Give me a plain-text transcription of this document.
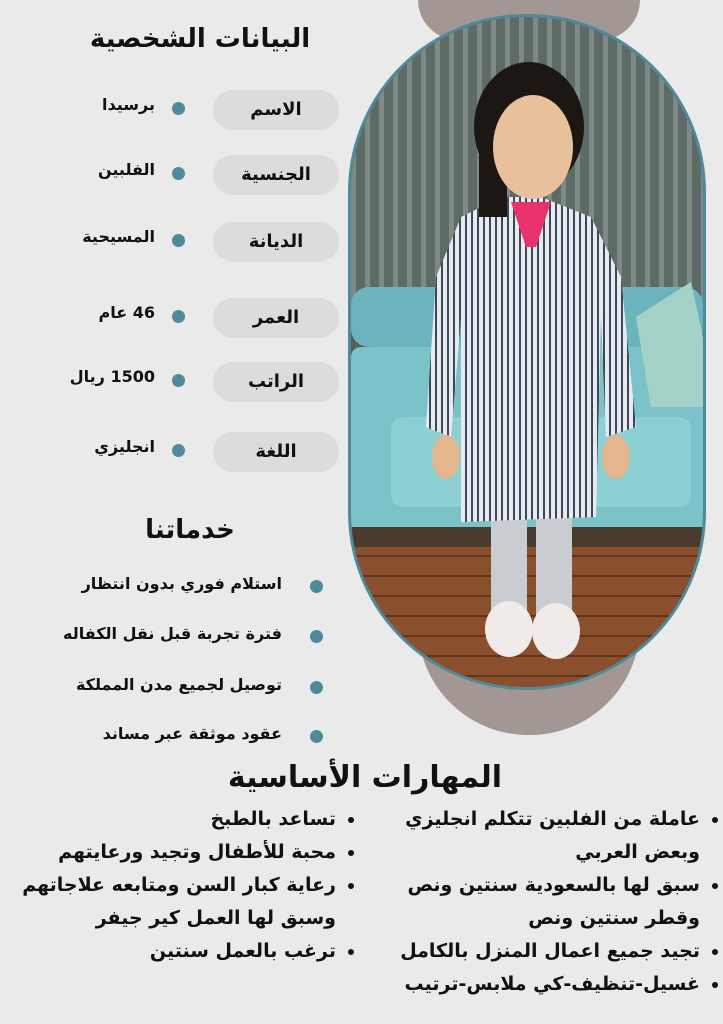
البيانات الشخصية
الاسم
برسيدا
الجنسية
الفلبين
الديانة
المسيحية
العمر
46 عام
الراتب
1500 ريال
اللغة
انجليزي
خدماتنا
استلام فوري بدون انتظار
فترة تجربة قبل نقل الكفاله
توصيل لجميع مدن المملكة
عقود موثقة عبر مساند
المهارات الأساسية
• عاملة من الفلبين تتكلم انجليزي وبعض العربي
• سبق لها بالسعودية سنتين ونص وقطر سنتين ونص
• تجيد جميع اعمال المنزل بالكامل
• غسيل-تنظيف-كي ملابس-ترتيب
• تساعد بالطبخ
• محبة للأطفال وتجيد ورعايتهم
• رعاية كبار السن ومتابعه علاجاتهم وسبق لها العمل كير جيفر
• ترغب بالعمل سنتين
